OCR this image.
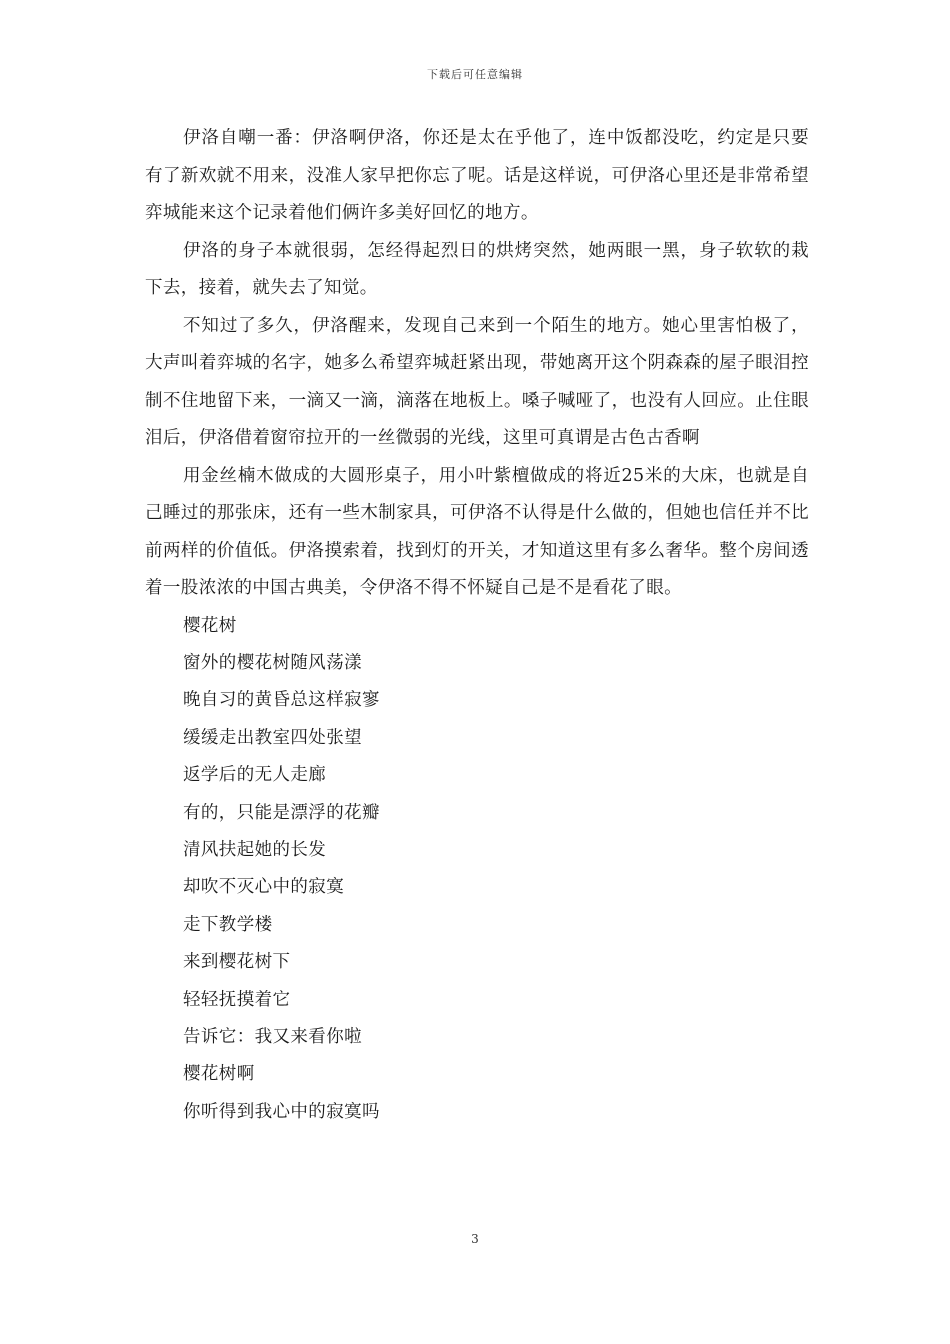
下载后可任意编辑

伊洛自嘲一番：伊洛啊伊洛，你还是太在乎他了，连中饭都没吃，约定是只要有了新欢就不用来，没准人家早把你忘了呢。话是这样说，可伊洛心里还是非常希望弈城能来这个记录着他们俩许多美好回忆的地方。

伊洛的身子本就很弱，怎经得起烈日的烘烤突然，她两眼一黑，身子软软的栽下去，接着，就失去了知觉。

不知过了多久，伊洛醒来，发现自己来到一个陌生的地方。她心里害怕极了，大声叫着弈城的名字，她多么希望弈城赶紧出现，带她离开这个阴森森的屋子眼泪控制不住地留下来，一滴又一滴，滴落在地板上。嗓子喊哑了，也没有人回应。止住眼泪后，伊洛借着窗帘拉开的一丝微弱的光线，这里可真谓是古色古香啊

用金丝楠木做成的大圆形桌子，用小叶紫檀做成的将近25米的大床，也就是自己睡过的那张床，还有一些木制家具，可伊洛不认得是什么做的，但她也信任并不比前两样的价值低。伊洛摸索着，找到灯的开关，才知道这里有多么奢华。整个房间透着一股浓浓的中国古典美，令伊洛不得不怀疑自己是不是看花了眼。

樱花树
窗外的樱花树随风荡漾
晚自习的黄昏总这样寂寥
缓缓走出教室四处张望
返学后的无人走廊
有的，只能是漂浮的花瓣
清风扶起她的长发
却吹不灭心中的寂寞
走下教学楼
来到樱花树下
轻轻抚摸着它
告诉它：我又来看你啦
樱花树啊
你听得到我心中的寂寞吗
3
